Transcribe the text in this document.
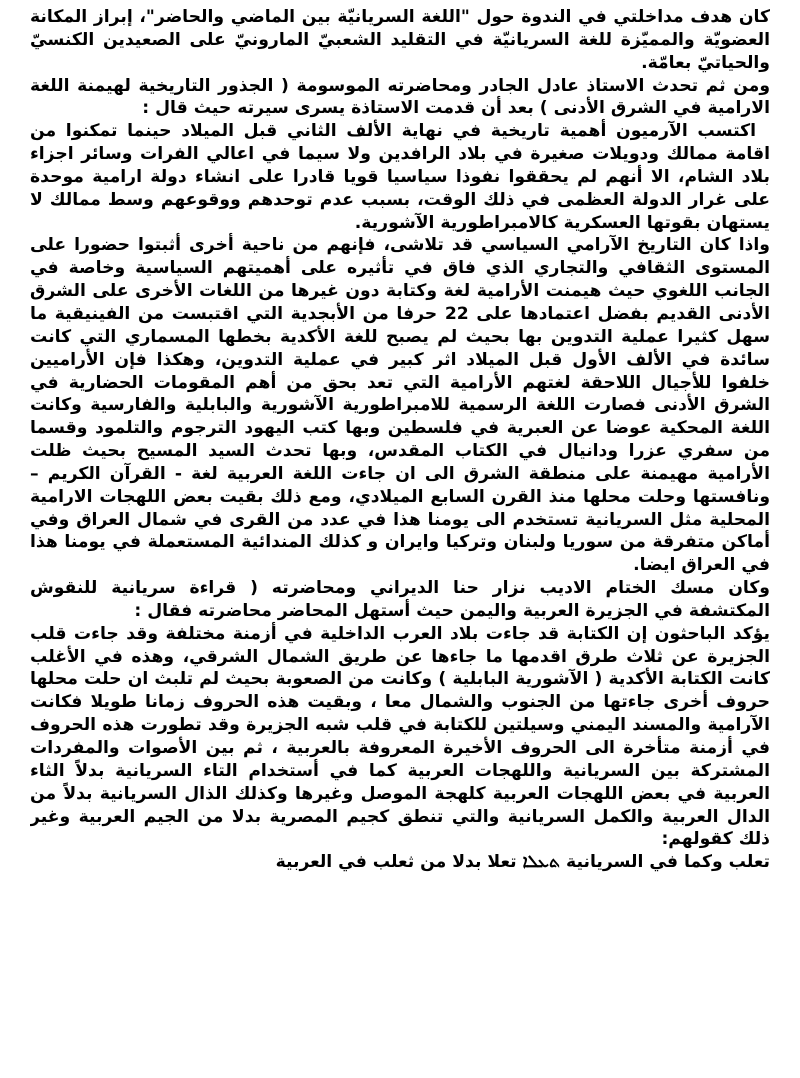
كان هدف مداخلتي في الندوة حول "اللغة السريانيّة بين الماضي والحاضر"، إبراز المكانة العضويّة والمميّزة للغة السريانيّة في التقليد الشعبيّ المارونيّ على الصعيدين الكنسيّ والحياتيّ بعامّة.

ومن ثم تحدث الاستاذ عادل الجادر ومحاضرته الموسومة ( الجذور التاريخية لهيمنة اللغة الارامية في الشرق الأدنى ) بعد أن قدمت الاستاذة يسرى سيرته حيث قال :

اكتسب الآرميون أهمية تاريخية في نهاية الألف الثاني قبل الميلاد حينما تمكنوا من اقامة ممالك ودويلات صغيرة في بلاد الرافدين ولا سيما في اعالي الفرات وسائر اجزاء بلاد الشام، الا أنهم لم يحققوا نفوذا سياسيا قويا قادرا على انشاء دولة ارامية موحدة على غرار الدولة العظمى في ذلك الوقت، بسبب عدم توحدهم ووقوعهم وسط ممالك لا يستهان بقوتها العسكرية كالامبراطورية الآشورية.

واذا كان التاريخ الآرامي السياسي قد تلاشى، فإنهم من ناحية أخرى أثبتوا حضورا على المستوى الثقافي والتجاري الذي فاق في تأثيره على أهميتهم السياسية وخاصة في الجانب اللغوي حيث هيمنت الأرامية لغة وكتابة دون غيرها من اللغات الأخرى على الشرق الأدنى القديم بفضل اعتمادها على 22 حرفا من الأبجدية التي اقتبست من الفينيقية ما سهل كثيرا عملية التدوين بها بحيث لم يصبح للغة الأكدية بخطها المسماري التي كانت سائدة في الألف الأول قبل الميلاد اثر كبير في عملية التدوين، وهكذا فإن الأراميين خلفوا للأجيال اللاحقة لغتهم الأرامية التي تعد بحق من أهم المقومات الحضارية في الشرق الأدنى فصارت اللغة الرسمية للامبراطورية الآشورية والبابلية والفارسية وكانت اللغة المحكية عوضا عن العبرية في فلسطين وبها كتب اليهود الترجوم والتلمود وقسما من سفري عزرا ودانيال في الكتاب المقدس، وبها تحدث السيد المسيح بحيث ظلت الأرامية مهيمنة على منطقة الشرق الى ان جاءت اللغة العربية لغة - القرآن الكريم – ونافستها وحلت محلها منذ القرن السابع الميلادي، ومع ذلك بقيت بعض اللهجات الارامية المحلية مثل السريانية تستخدم الى يومنا هذا في عدد من القرى في شمال العراق وفي أماكن متفرقة من سوريا ولبنان وتركيا وايران و كذلك المندائية المستعملة في يومنا هذا في العراق ايضا.

وكان مسك الختام الاديب نزار حنا الديراني ومحاضرته ( قراءة سريانية للنقوش المكتشفة في الجزيرة العربية واليمن حيث أستهل المحاضر محاضرته فقال :

يؤكد الباحثون إن الكتابة قد جاءت بلاد العرب الداخلية في أزمنة مختلفة وقد جاءت قلب الجزيرة عن ثلاث طرق اقدمها ما جاءها عن طريق الشمال الشرقي، وهذه في الأغلب كانت الكتابة الأكدية ( الآشورية البابلية ) وكانت من الصعوبة بحيث لم تلبث ان حلت محلها حروف أخرى جاءتها من الجنوب والشمال معا ، وبقيت هذه الحروف زمانا طويلا فكانت الآرامية والمسند اليمني وسيلتين للكتابة في قلب شبه الجزيرة وقد تطورت هذه الحروف في أزمنة متأخرة الى الحروف الأخيرة المعروفة بالعربية ، ثم بين الأصوات والمفردات المشتركة بين السريانية واللهجات العربية كما في أستخدام التاء السريانية بدلاً الثاء العربية في بعض اللهجات العربية كلهجة الموصل وغيرها وكذلك الذال السريانية بدلاً من الدال العربية والكمل السريانية والتي تنطق كجيم المصرية بدلا من الجيم العربية وغير ذلك كقولهم:

تعلب وكما في السريانية ܬܥܠܐ تعلا بدلا من ثعلب في العربية
